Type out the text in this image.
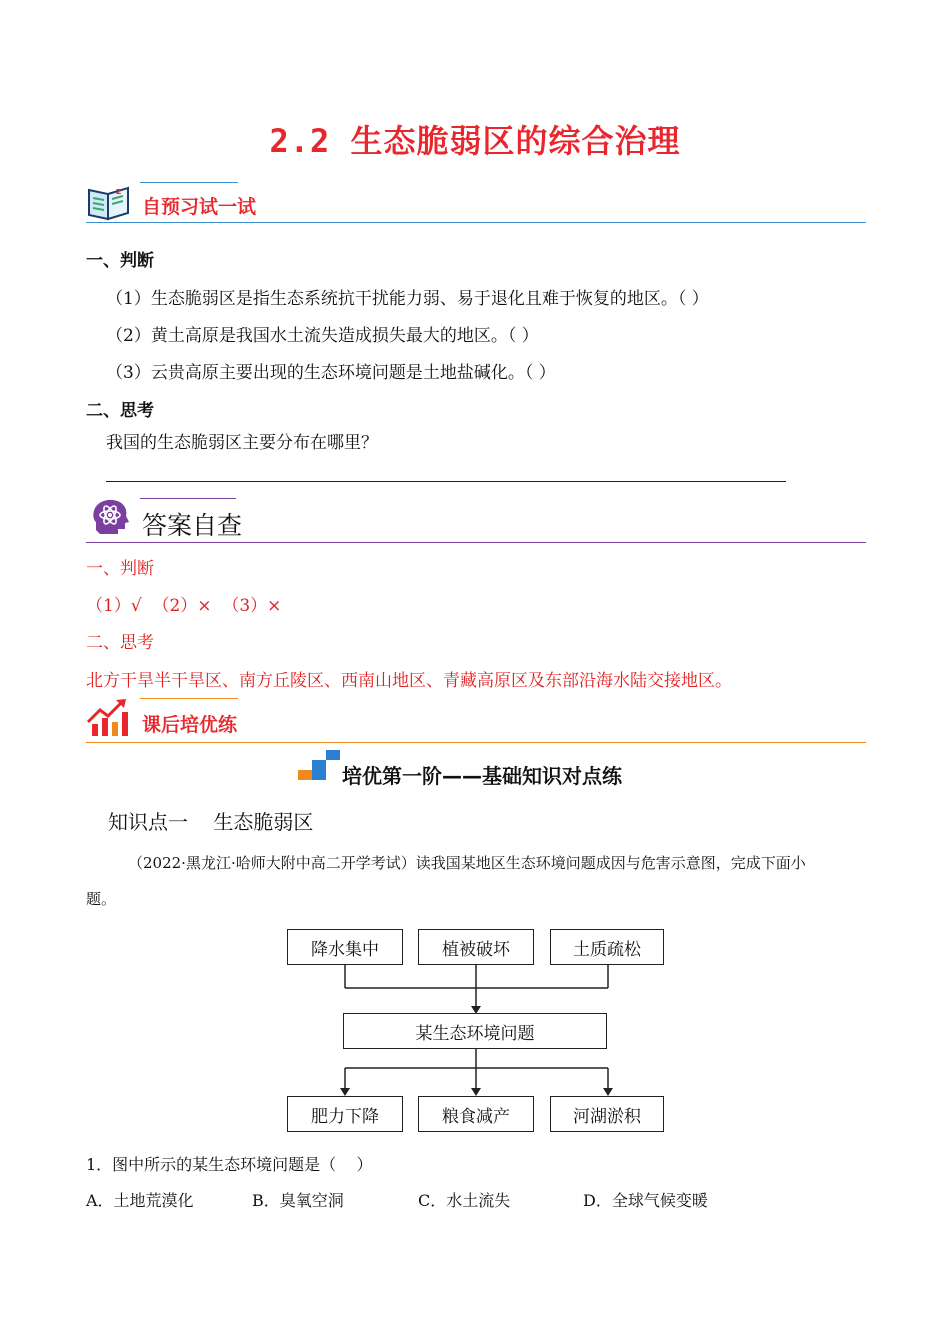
2.2 生态脆弱区的综合治理
z
自预习试一试
一、判断
（1）生态脆弱区是指生态系统抗干扰能力弱、易于退化且难于恢复的地区。（ ）
（2）黄土高原是我国水土流失造成损失最大的地区。（ ）
（3）云贵高原主要出现的生态环境问题是土地盐碱化。（ ）
二、思考
我国的生态脆弱区主要分布在哪里？
答案自查
一、判断
（1）√  （2）×  （3）×
二、思考
北方干旱半干旱区、南方丘陵区、西南山地区、青藏高原区及东部沿海水陆交接地区。
课后培优练
培优第一阶——基础知识对点练
知识点一    生态脆弱区
（2022·黑龙江·哈师大附中高二开学考试）读我国某地区生态环境问题成因与危害示意图，完成下面小
题。
降水集中	植被破坏	土质疏松
某生态环境问题
肥力下降	粮食减产	河湖淤积
1．图中所示的某生态环境问题是（    ）
A．土地荒漠化	B．臭氧空洞	C．水土流失	D．全球气候变暖
